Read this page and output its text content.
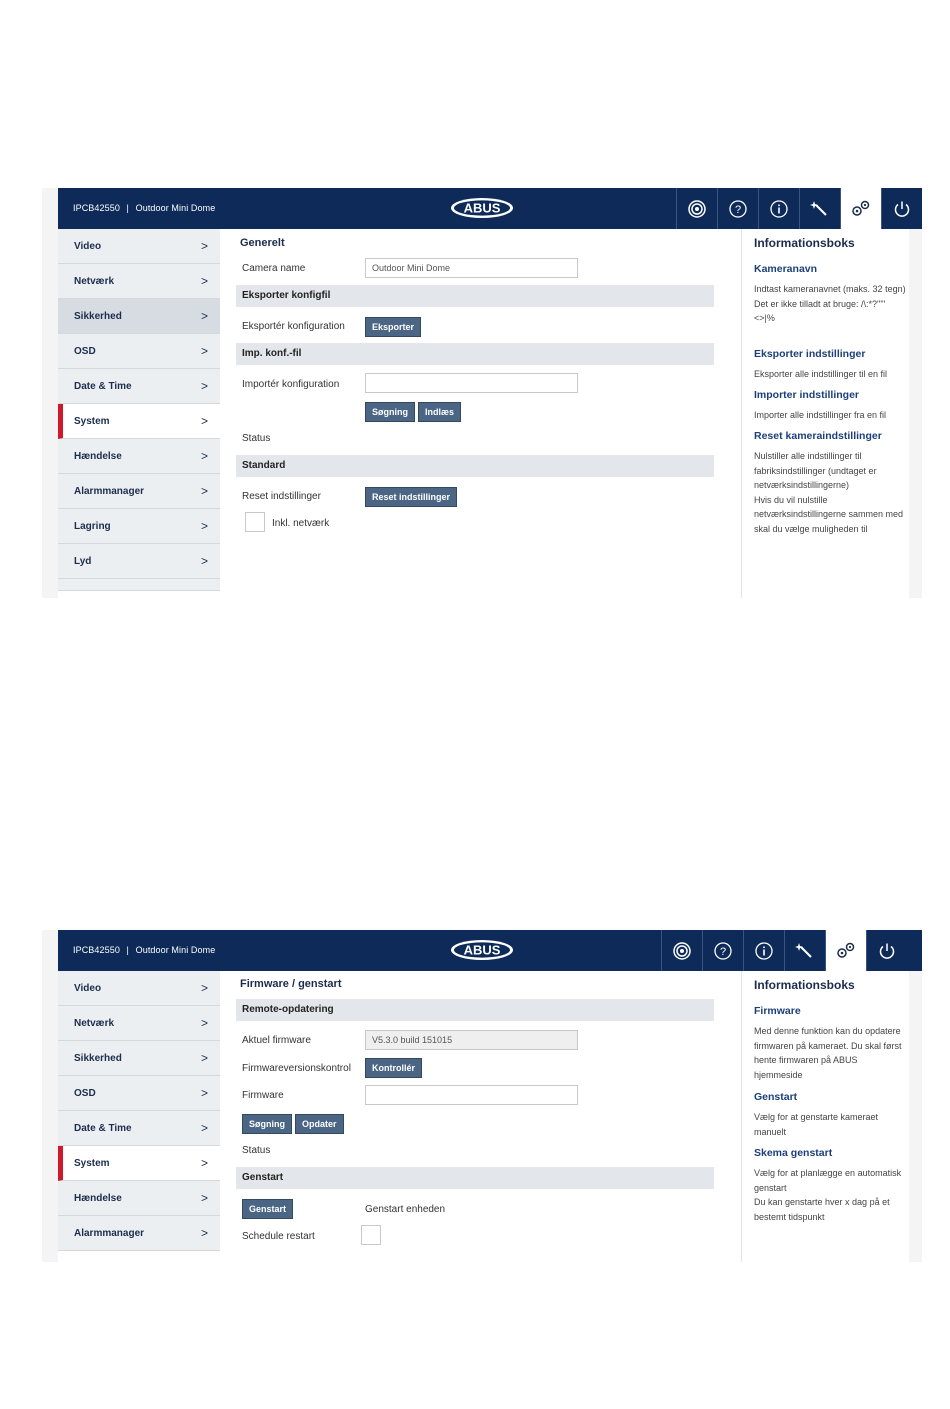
IPCB42550 | Outdoor Mini Dome	ABUS	?
Video	>
Netværk	>
Sikkerhed	>
OSD	>
Date & Time	>
System	>
Hændelse	>
Alarmmanager	>
Lagring	>
Lyd	>
Generelt
Camera name	Outdoor Mini Dome
Eksporter konfigfil
Eksportér konfiguration	Eksporter
Imp. konf.-fil
Importér konfiguration
Søgning	Indlæs
Status
Standard
Reset indstillinger	Reset indstillinger
Inkl. netværk
Informationsboks
Kameranavn
Indtast kameranavnet (maks. 32 tegn)
Det er ikke tilladt at bruge: /\:*?'""<>|%
Eksporter indstillinger
Eksporter alle indstillinger til en fil
Importer indstillinger
Importer alle indstillinger fra en fil
Reset kameraindstillinger
Nulstiller alle indstillinger til fabriksindstillinger (undtaget er netværksindstillingerne)
Hvis du vil nulstille netværksindstillingerne sammen med skal du vælge muligheden til
IPCB42550 | Outdoor Mini Dome	ABUS	?
Video	>
Netværk	>
Sikkerhed	>
OSD	>
Date & Time	>
System	>
Hændelse	>
Alarmmanager	>
Firmware / genstart
Remote-opdatering
Aktuel firmware	V5.3.0 build 151015
Firmwareversionskontrol	Kontrollér
Firmware
Søgning	Opdater
Status
Genstart
Genstart	Genstart enheden
Schedule restart
Informationsboks
Firmware
Med denne funktion kan du opdatere firmwaren på kameraet. Du skal først hente firmwaren på ABUS hjemmeside
Genstart
Vælg for at genstarte kameraet manuelt
Skema genstart
Vælg for at planlægge en automatisk genstart
Du kan genstarte hver x dag på et bestemt tidspunkt
